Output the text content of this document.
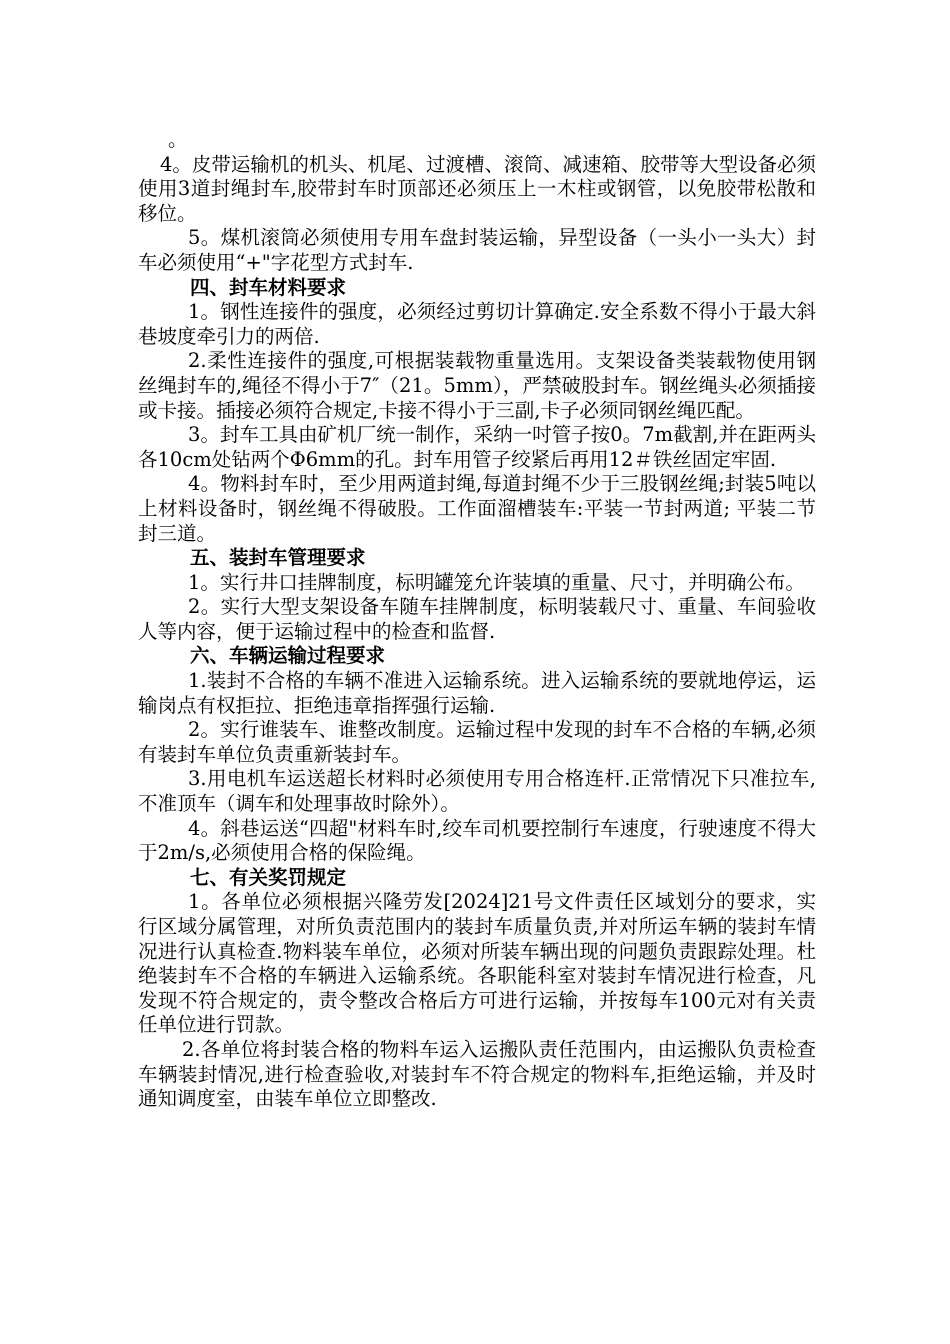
。

4。皮带运输机的机头、机尾、过渡槽、滚筒、减速箱、胶带等大型设备必须使用3道封绳封车,胶带封车时顶部还必须压上一木柱或钢管，以免胶带松散和移位。

5。煤机滚筒必须使用专用车盘封装运输，异型设备（一头小一头大）封车必须使用“+"字花型方式封车.

四、封车材料要求

1。钢性连接件的强度，必须经过剪切计算确定.安全系数不得小于最大斜巷坡度牵引力的两倍.

2.柔性连接件的强度,可根据装载物重量选用。支架设备类装载物使用钢丝绳封车的,绳径不得小于7″（21。5mm），严禁破股封车。钢丝绳头必须插接或卡接。插接必须符合规定,卡接不得小于三副,卡子必须同钢丝绳匹配。

3。封车工具由矿机厂统一制作，采纳一吋管子按0。7m截割,并在距两头各10cm处钻两个Φ6mm的孔。封车用管子绞紧后再用12＃铁丝固定牢固.

4。物料封车时，至少用两道封绳,每道封绳不少于三股钢丝绳;封装5吨以上材料设备时，钢丝绳不得破股。工作面溜槽装车:平装一节封两道; 平装二节封三道。

五、装封车管理要求

1。实行井口挂牌制度，标明罐笼允许装填的重量、尺寸，并明确公布。

2。实行大型支架设备车随车挂牌制度，标明装载尺寸、重量、车间验收人等内容，便于运输过程中的检查和监督.

六、车辆运输过程要求

1.装封不合格的车辆不准进入运输系统。进入运输系统的要就地停运，运输岗点有权拒拉、拒绝违章指挥强行运输.

2。实行谁装车、谁整改制度。运输过程中发现的封车不合格的车辆,必须有装封车单位负责重新装封车。

3.用电机车运送超长材料时必须使用专用合格连杆.正常情况下只准拉车,不准顶车（调车和处理事故时除外）。

4。斜巷运送“四超"材料车时,绞车司机要控制行车速度，行驶速度不得大于2m/s,必须使用合格的保险绳。

七、有关奖罚规定

1。各单位必须根据兴隆劳发[2024]21号文件责任区域划分的要求，实行区域分属管理，对所负责范围内的装封车质量负责,并对所运车辆的装封车情况进行认真检查.物料装车单位，必须对所装车辆出现的问题负责跟踪处理。杜绝装封车不合格的车辆进入运输系统。各职能科室对装封车情况进行检查，凡发现不符合规定的，责令整改合格后方可进行运输，并按每车100元对有关责任单位进行罚款。

2.各单位将封装合格的物料车运入运搬队责任范围内，由运搬队负责检查车辆装封情况,进行检查验收,对装封车不符合规定的物料车,拒绝运输，并及时通知调度室，由装车单位立即整改.
